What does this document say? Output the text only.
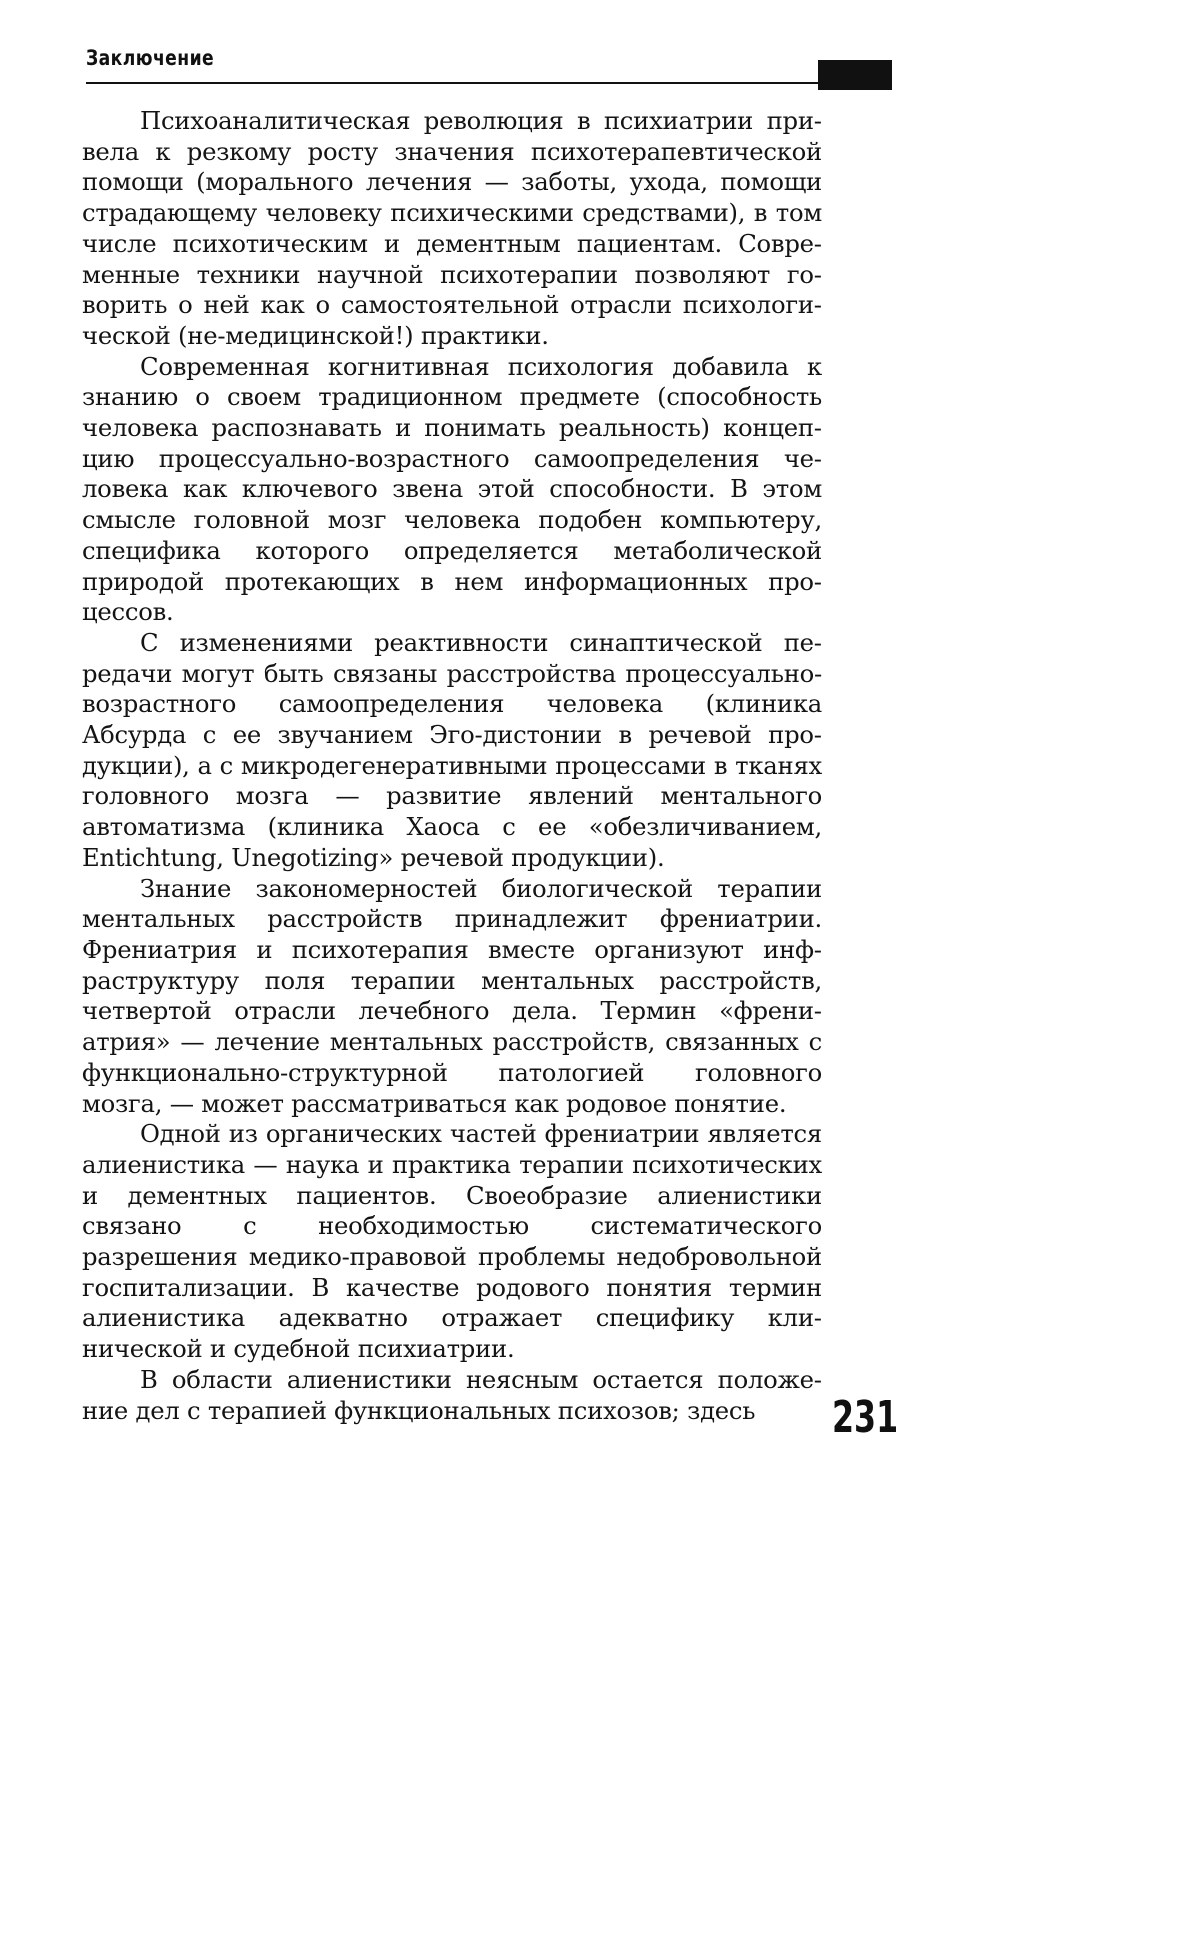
Заключение

Психоаналитическая революция в психиатрии привела к резкому росту значения психотерапевтической помощи (морального лечения — заботы, ухода, помощи страдающему человеку психическими средствами), в том числе психотическим и дементным пациентам. Современные техники научной психотерапии позволяют говорить о ней как о самостоятельной отрасли психологической (не-медицинской!) практики.

Современная когнитивная психология добавила к знанию о своем традиционном предмете (способность человека распознавать и понимать реальность) концепцию процессуально-возрастного самоопределения человека как ключевого звена этой способности. В этом смысле головной мозг человека подобен компьютеру, специфика которого определяется метаболической природой протекающих в нем информационных процессов.

С изменениями реактивности синаптической передачи могут быть связаны расстройства процессуально-возрастного самоопределения человека (клиника Абсурда с ее звучанием Эго-дистонии в речевой продукции), а с микродегенеративными процессами в тканях головного мозга — развитие явлений ментального автоматизма (клиника Хаоса с ее «обезличиванием, Entichtung, Unegotizing» речевой продукции).

Знание закономерностей биологической терапии ментальных расстройств принадлежит френиатрии. Френиатрия и психотерапия вместе организуют инфраструктуру поля терапии ментальных расстройств, четвертой отрасли лечебного дела. Термин «френиатрия» — лечение ментальных расстройств, связанных с функционально-структурной патологией головного мозга, — может рассматриваться как родовое понятие.

Одной из органических частей френиатрии является алиенистика — наука и практика терапии психотических и дементных пациентов. Своеобразие алиенистики связано с необходимостью систематического разрешения медико-правовой проблемы недобровольной госпитализации. В качестве родового понятия термин алиенистика адекватно отражает специфику клинической и судебной психиатрии.

В области алиенистики неясным остается положение дел с терапией функциональных психозов; здесь	231
